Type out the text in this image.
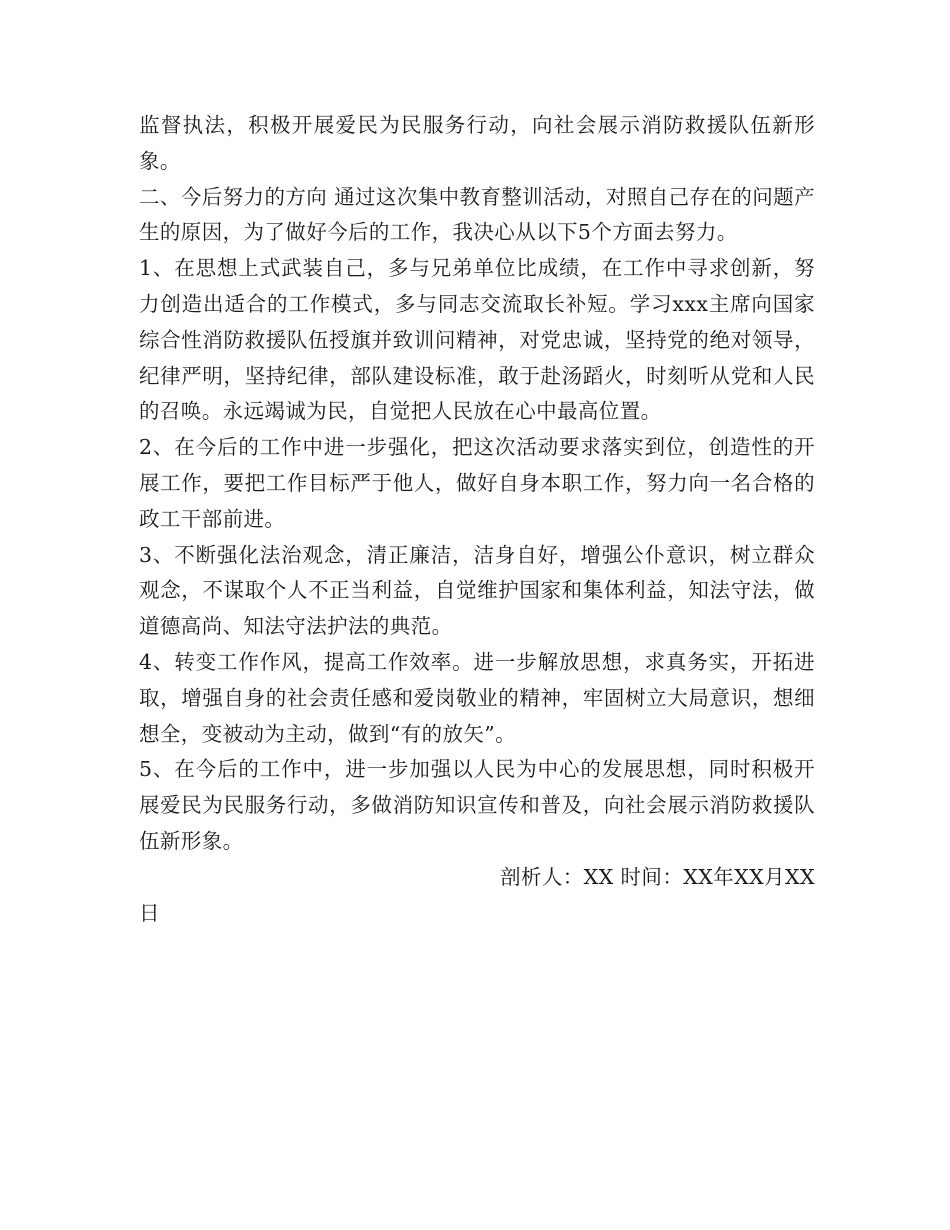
监督执法，积极开展爱民为民服务行动，向社会展示消防救援队伍新形象。

二、今后努力的方向 通过这次集中教育整训活动，对照自己存在的问题产生的原因，为了做好今后的工作，我决心从以下5个方面去努力。

1、在思想上式武装自己，多与兄弟单位比成绩，在工作中寻求创新，努力创造出适合的工作模式，多与同志交流取长补短。学习xxx主席向国家综合性消防救援队伍授旗并致训问精神，对党忠诚，坚持党的绝对领导，纪律严明，坚持纪律，部队建设标准，敢于赴汤蹈火，时刻听从党和人民的召唤。永远竭诚为民，自觉把人民放在心中最高位置。

2、在今后的工作中进一步强化，把这次活动要求落实到位，创造性的开展工作，要把工作目标严于他人，做好自身本职工作，努力向一名合格的政工干部前进。

3、不断强化法治观念，清正廉洁，洁身自好，增强公仆意识，树立群众观念，不谋取个人不正当利益，自觉维护国家和集体利益，知法守法，做道德高尚、知法守法护法的典范。

4、转变工作作风，提高工作效率。进一步解放思想，求真务实，开拓进取，增强自身的社会责任感和爱岗敬业的精神，牢固树立大局意识，想细想全，变被动为主动，做到“有的放矢”。

5、在今后的工作中，进一步加强以人民为中心的发展思想，同时积极开展爱民为民服务行动，多做消防知识宣传和普及，向社会展示消防救援队伍新形象。

剖析人：XX 时间：XX年XX月XX

日
